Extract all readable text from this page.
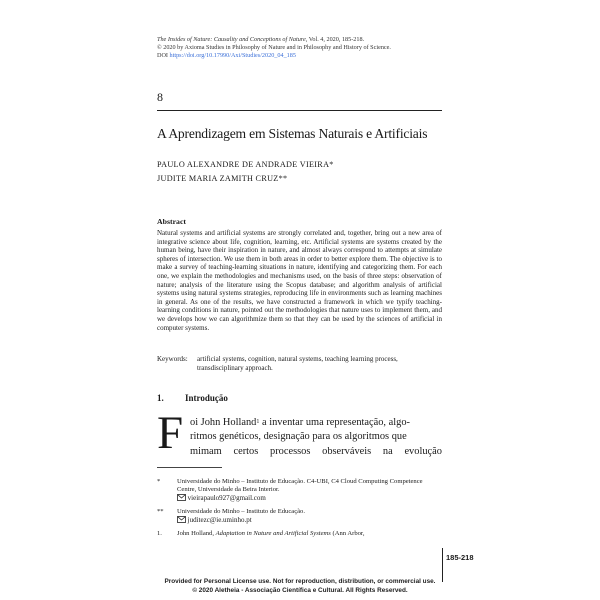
The Insides of Nature: Causality and Conceptions of Nature, Vol. 4, 2020, 185-218.
© 2020 by Axioma Studies in Philosophy of Nature and in Philosophy and History of Science.
DOI https://doi.org/10.17990/Axi/Studies/2020_04_185
8
A Aprendizagem em Sistemas Naturais e Artificiais
PAULO ALEXANDRE DE ANDRADE VIEIRA*
JUDITE MARIA ZAMITH CRUZ**
Abstract
Natural systems and artificial systems are strongly correlated and, together, bring out a new area of integrative science about life, cognition, learning, etc. Artificial systems are systems created by the human being, have their inspiration in nature, and almost always correspond to attempts at simulate spheres of intersection. We use them in both areas in order to better explore them. The objective is to make a survey of teaching-learning situations in nature, identifying and categorizing them. For each one, we explain the methodologies and mechanisms used, on the basis of three steps: observation of nature; analysis of the literature using the Scopus database; and algorithm analysis of artificial systems using natural systems strategies, reproducing life in environments such as learning machines in general. As one of the results, we have constructed a framework in which we typify teaching-learning conditions in nature, pointed out the methodologies that nature uses to implement them, and we develops how we can algorithmize them so that they can be used by the sciences of artificial in computer systems.
Keywords: artificial systems, cognition, natural systems, teaching learning process, transdisciplinary approach.
1. Introdução
F oi John Holland$^1$ a inventar uma representação, algo-
ritmos genéticos, designação para os algoritmos que
mimam certos processos observáveis na evolução
*	Universidade do Minho – Instituto de Educação. C4-UBI, C4 Cloud Computing Competence Centre, Universidade da Beira Interior.
vieirapaulo927@gmail.com
** Universidade do Minho – Instituto de Educação.
juditezc@ie.uminho.pt
1. John Holland, Adaptation in Nature and Artificial Systems (Ann Arbor,
185-218
Provided for Personal License use. Not for reproduction, distribution, or commercial use.
© 2020 Aletheia - Associação Científica e Cultural. All Rights Reserved.
